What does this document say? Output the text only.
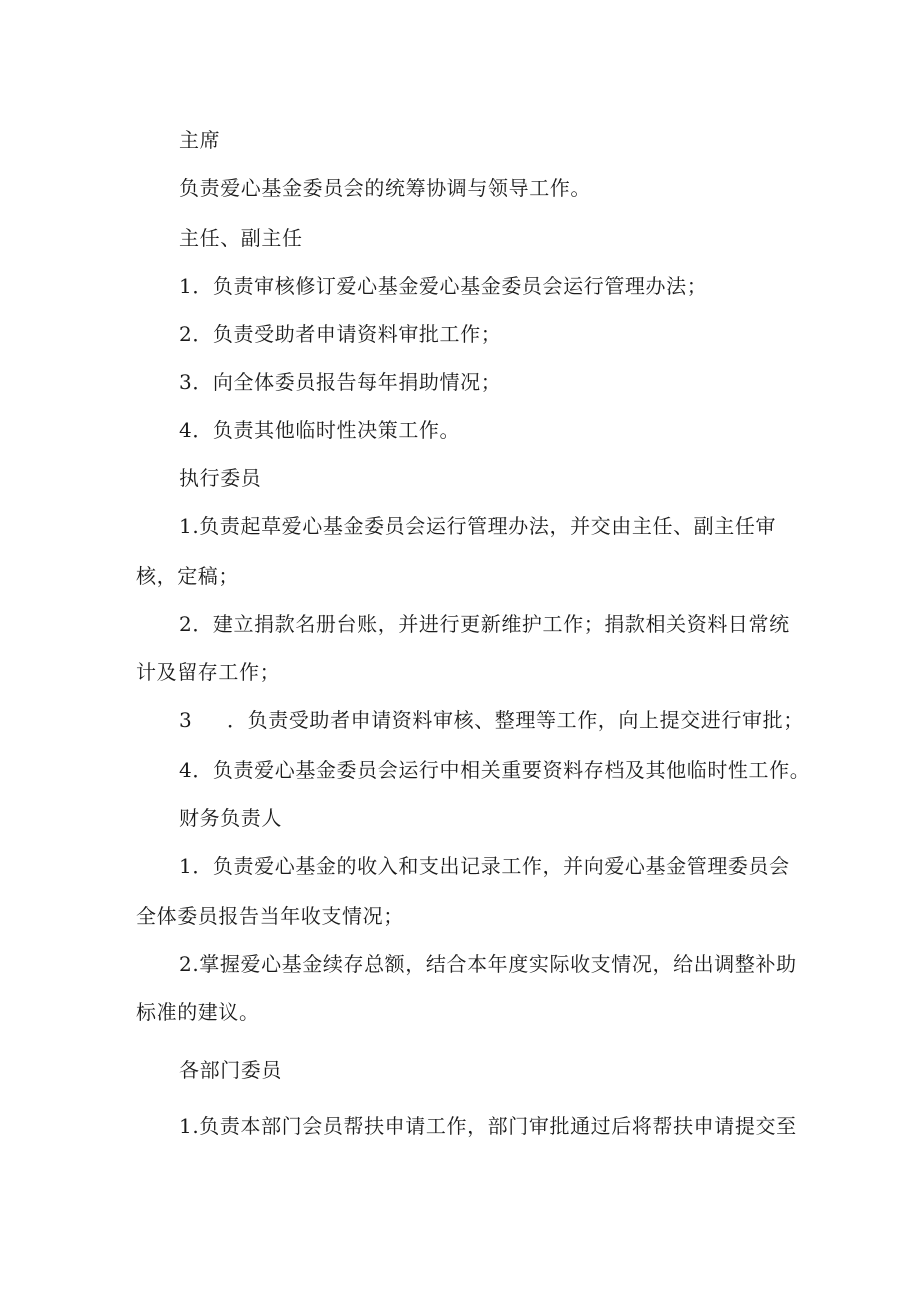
主席
负责爱心基金委员会的统筹协调与领导工作。
主任、副主任
1．负责审核修订爱心基金爱心基金委员会运行管理办法；
2．负责受助者申请资料审批工作；
3．向全体委员报告每年捐助情况；
4．负责其他临时性决策工作。
执行委员
1.负责起草爱心基金委员会运行管理办法，并交由主任、副主任审
核，定稿；
2．建立捐款名册台账，并进行更新维护工作；捐款相关资料日常统
计及留存工作；
3 ．负责受助者申请资料审核、整理等工作，向上提交进行审批；
4．负责爱心基金委员会运行中相关重要资料存档及其他临时性工作。
财务负责人
1．负责爱心基金的收入和支出记录工作，并向爱心基金管理委员会
全体委员报告当年收支情况；
2.掌握爱心基金续存总额，结合本年度实际收支情况，给出调整补助
标准的建议。
各部门委员
1.负责本部门会员帮扶申请工作，部门审批通过后将帮扶申请提交至
